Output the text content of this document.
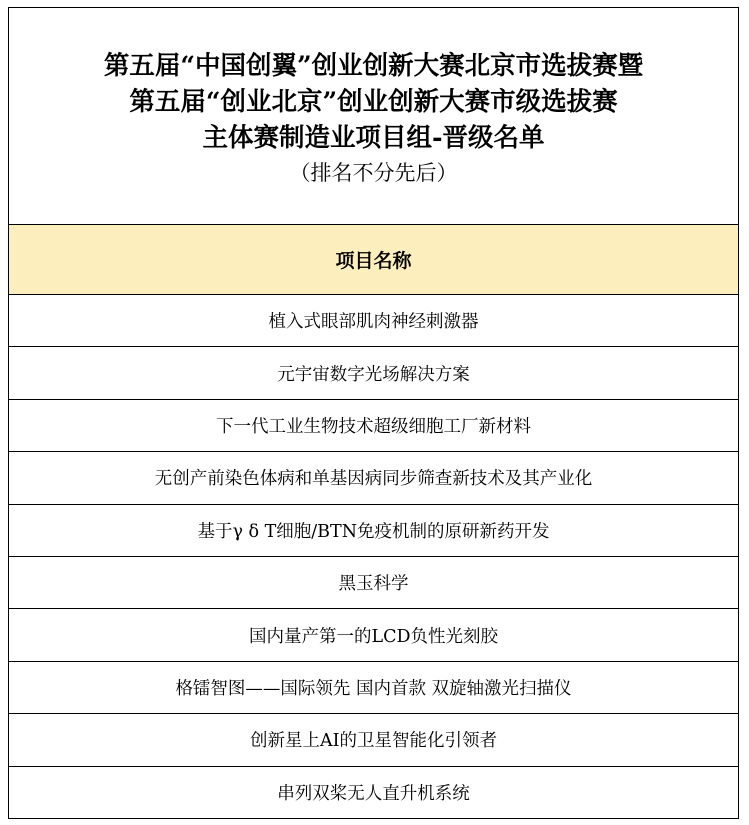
第五届“中国创翼”创业创新大赛北京市选拔赛暨
第五届“创业北京”创业创新大赛市级选拔赛
主体赛制造业项目组-晋级名单
（排名不分先后）
项目名称
植入式眼部肌肉神经刺激器
元宇宙数字光场解决方案
下一代工业生物技术超级细胞工厂新材料
无创产前染色体病和单基因病同步筛查新技术及其产业化
基于γ δ T细胞/BTN免疫机制的原研新药开发
黑玉科学
国内量产第一的LCD负性光刻胶
格镭智图——国际领先 国内首款 双旋轴激光扫描仪
创新星上AI的卫星智能化引领者
串列双桨无人直升机系统
